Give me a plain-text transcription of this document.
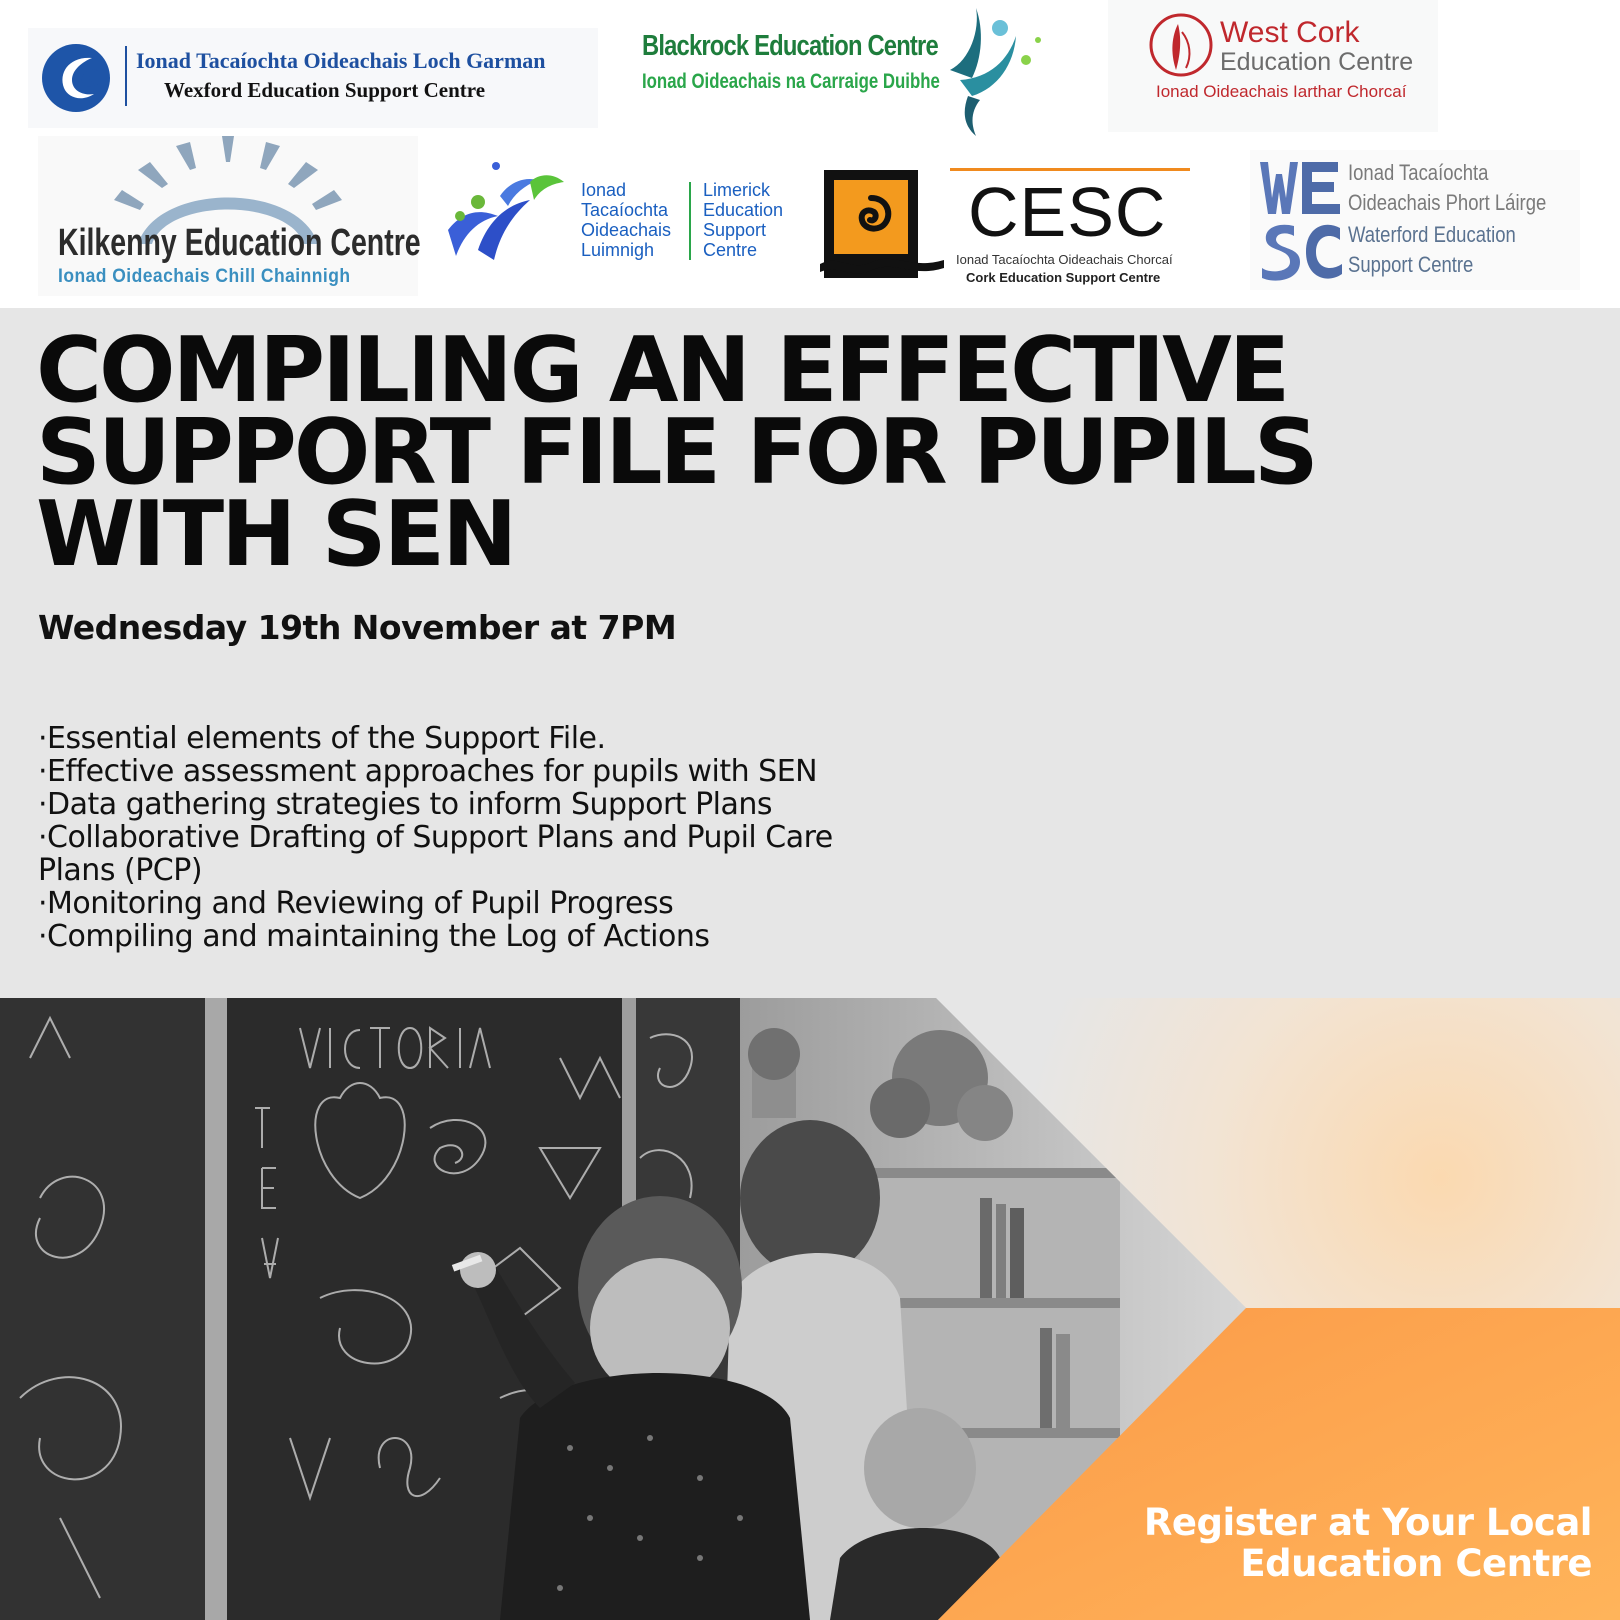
Ionad Tacaíochta Oideachais Loch Garman
Wexford Education Support Centre
Blackrock Education Centre
Ionad Oideachais na Carraige Duibhe
West Cork
Education Centre
Ionad Oideachais Iarthar Chorcaí
Kilkenny Education Centre
Ionad Oideachais Chill Chainnigh
Ionad
Tacaíochta
Oideachais
Luimnigh
Limerick
Education
Support
Centre	CESC
Ionad Tacaíochta Oideachais Chorcaí
Cork Education Support Centre
Ionad Tacaíochta
Oideachais Phort Láirge
Waterford Education
Support Centre
COMPILING AN EFFECTIVE SUPPORT FILE FOR PUPILS WITH SEN
Wednesday 19th November at 7PM
·Essential elements of the Support File.
·Effective assessment approaches for pupils with SEN
·Data gathering strategies to inform Support Plans
·Collaborative Drafting of Support Plans and Pupil Care Plans (PCP)
·Monitoring and Reviewing of Pupil Progress
·Compiling and maintaining the Log of Actions

Register at Your Local
Education Centre
